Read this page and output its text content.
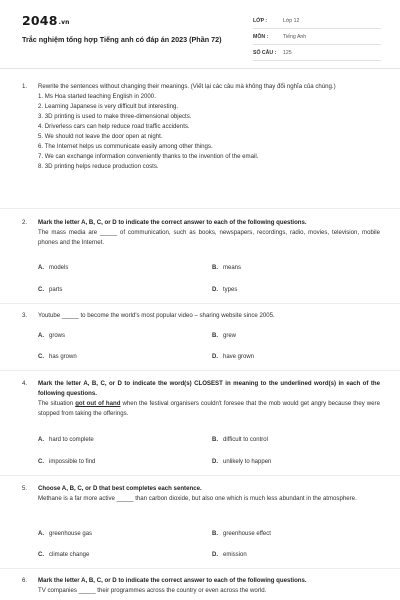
2048.vn
Trắc nghiệm tổng hợp Tiếng anh có đáp án 2023 (Phần 72)
LỚP :	Lớp 12
MÔN :	Tiếng Anh
SỐ CÂU :	125
1. Rewrite the sentences without changing their meanings. (Viết lại các câu mà không thay đổi nghĩa của chúng.)
1. Ms Hoa started teaching English in 2000.
2. Learning Japanese is very difficult but interesting.
3. 3D printing is used to make three-dimensional objects.
4. Driverless cars can help reduce road traffic accidents.
5. We should not leave the door open at night.
6. The Internet helps us communicate easily among other things.
7. We can exchange information conveniently thanks to the invention of the email.
8. 3D printing helps reduce production costs.
2. Mark the letter A, B, C, or D to indicate the correct answer to each of the following questions.
The mass media are _____ of communication, such as books, newspapers, recordings, radio, movies, television, mobile phones and the Internet.
A. models	B. means
C. parts	D. types
3. Youtube _____ to become the world's most popular video – sharing website since 2005.
A. grows	B. grew
C. has grown	D. have grown
4. Mark the letter A, B, C, or D to indicate the word(s) CLOSEST in meaning to the underlined word(s) in each of the following questions.
The situation got out of hand when the festival organisers couldn't foresee that the mob would get angry because they were stopped from taking the offerings.
A. hard to complete	B. difficult to control
C. impossible to find	D. unlikely to happen
5. Choose A, B, C, or D that best completes each sentence.
Methane is a far more active _____ than carbon dioxide, but also one which is much less abundant in the atmosphere.
A. greenhouse gas	B. greenhouse effect
C. climate change	D. emission
6. Mark the letter A, B, C, or D to indicate the correct answer to each of the following questions.
TV companies _____ their programmes across the country or even across the world.
